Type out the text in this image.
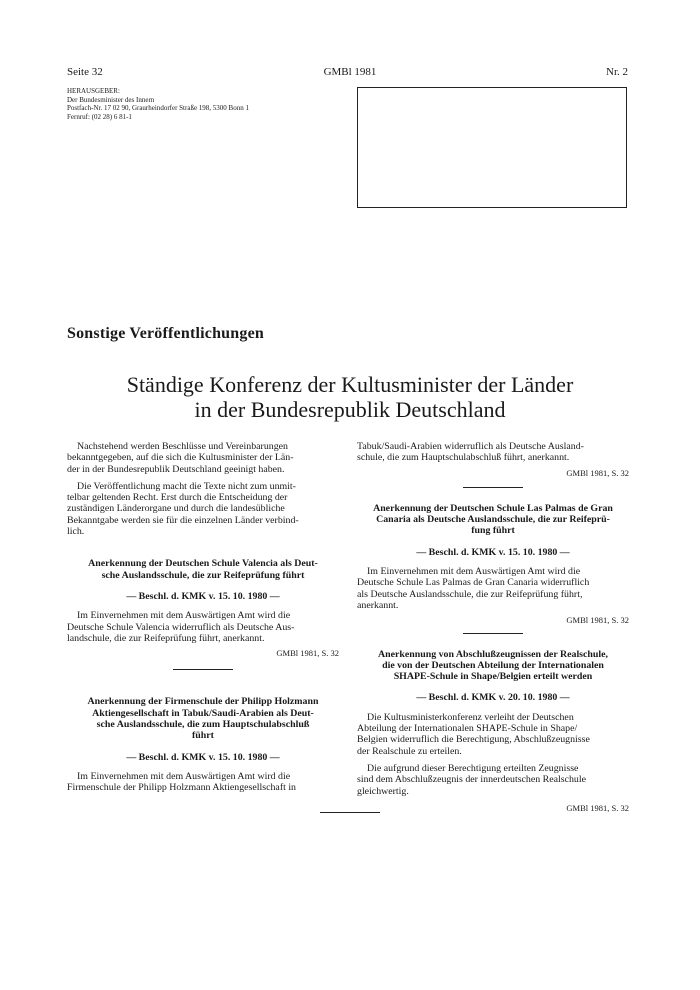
Seite 32	GMBl 1981	Nr. 2
HERAUSGEBER:
Der Bundesminister des Innern
Postfach-Nr. 17 02 90, Graurheindorfer Straße 198, 5300 Bonn 1
Fernruf: (02 28) 6 81-1
Sonstige Veröffentlichungen
Ständige Konferenz der Kultusminister der Länder
in der Bundesrepublik Deutschland
Nachstehend werden Beschlüsse und Vereinbarungen
bekanntgegeben, auf die sich die Kultusminister der Län-
der in der Bundesrepublik Deutschland geeinigt haben.
Die Veröffentlichung macht die Texte nicht zum unmit-
telbar geltenden Recht. Erst durch die Entscheidung der
zuständigen Länderorgane und durch die landesübliche
Bekanntgabe werden sie für die einzelnen Länder verbind-
lich.
Anerkennung der Deutschen Schule Valencia als Deut-
sche Auslandsschule, die zur Reifeprüfung führt
— Beschl. d. KMK v. 15. 10. 1980 —
Im Einvernehmen mit dem Auswärtigen Amt wird die
Deutsche Schule Valencia widerruflich als Deutsche Aus-
landschule, die zur Reifeprüfung führt, anerkannt.
GMBl 1981, S. 32
Anerkennung der Firmenschule der Philipp Holzmann
Aktiengesellschaft in Tabuk/Saudi-Arabien als Deut-
sche Auslandsschule, die zum Hauptschulabschluß
führt
— Beschl. d. KMK v. 15. 10. 1980 —
Im Einvernehmen mit dem Auswärtigen Amt wird die
Firmenschule der Philipp Holzmann Aktiengesellschaft in
Tabuk/Saudi-Arabien widerruflich als Deutsche Ausland-
schule, die zum Hauptschulabschluß führt, anerkannt.
GMBl 1981, S. 32
Anerkennung der Deutschen Schule Las Palmas de Gran
Canaria als Deutsche Auslandsschule, die zur Reifeprü-
fung führt
— Beschl. d. KMK v. 15. 10. 1980 —
Im Einvernehmen mit dem Auswärtigen Amt wird die
Deutsche Schule Las Palmas de Gran Canaria widerruflich
als Deutsche Auslandsschule, die zur Reifeprüfung führt,
anerkannt.
GMBl 1981, S. 32
Anerkennung von Abschlußzeugnissen der Realschule,
die von der Deutschen Abteilung der Internationalen
SHAPE-Schule in Shape/Belgien erteilt werden
— Beschl. d. KMK v. 20. 10. 1980 —
Die Kultusministerkonferenz verleiht der Deutschen
Abteilung der Internationalen SHAPE-Schule in Shape/
Belgien widerruflich die Berechtigung, Abschlußzeugnisse
der Realschule zu erteilen.
Die aufgrund dieser Berechtigung erteilten Zeugnisse
sind dem Abschlußzeugnis der innerdeutschen Realschule
gleichwertig.
GMBl 1981, S. 32
